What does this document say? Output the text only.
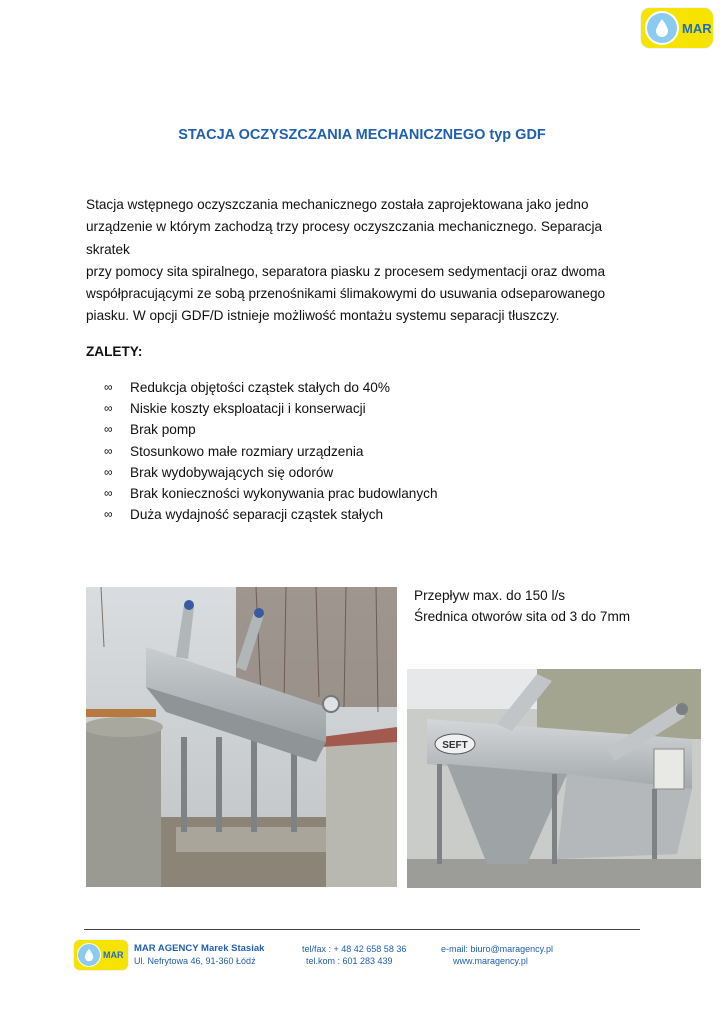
MAR
STACJA OCZYSZCZANIA MECHANICZNEGO typ GDF
Stacja wstępnego oczyszczania mechanicznego została zaprojektowana jako jedno
urządzenie w którym zachodzą trzy procesy oczyszczania mechanicznego. Separacja skratek
przy pomocy sita spiralnego, separatora piasku z procesem sedymentacji oraz dwoma
współpracującymi ze sobą przenośnikami ślimakowymi do usuwania odseparowanego
piasku. W opcji GDF/D istnieje możliwość montażu systemu separacji tłuszczy.
ZALETY:
∞ Redukcja objętości cząstek stałych do 40%
∞ Niskie koszty eksploatacji i konserwacji
∞ Brak pomp
∞ Stosunkowo małe rozmiary urządzenia
∞ Brak wydobywających się odorów
∞ Brak konieczności wykonywania prac budowlanych
∞ Duża wydajność separacji cząstek stałych
Przepływ max. do 150 l/s
Średnica otworów sita od 3 do 7mm
SEFT
MAR
MAR AGENCY Marek Stasiak
Ul. Nefrytowa 46, 91-360 Łódź
tel/fax : + 48 42 658 58 36
tel.kom : 601 283 439
e-mail: biuro@maragency.pl
www.maragency.pl
